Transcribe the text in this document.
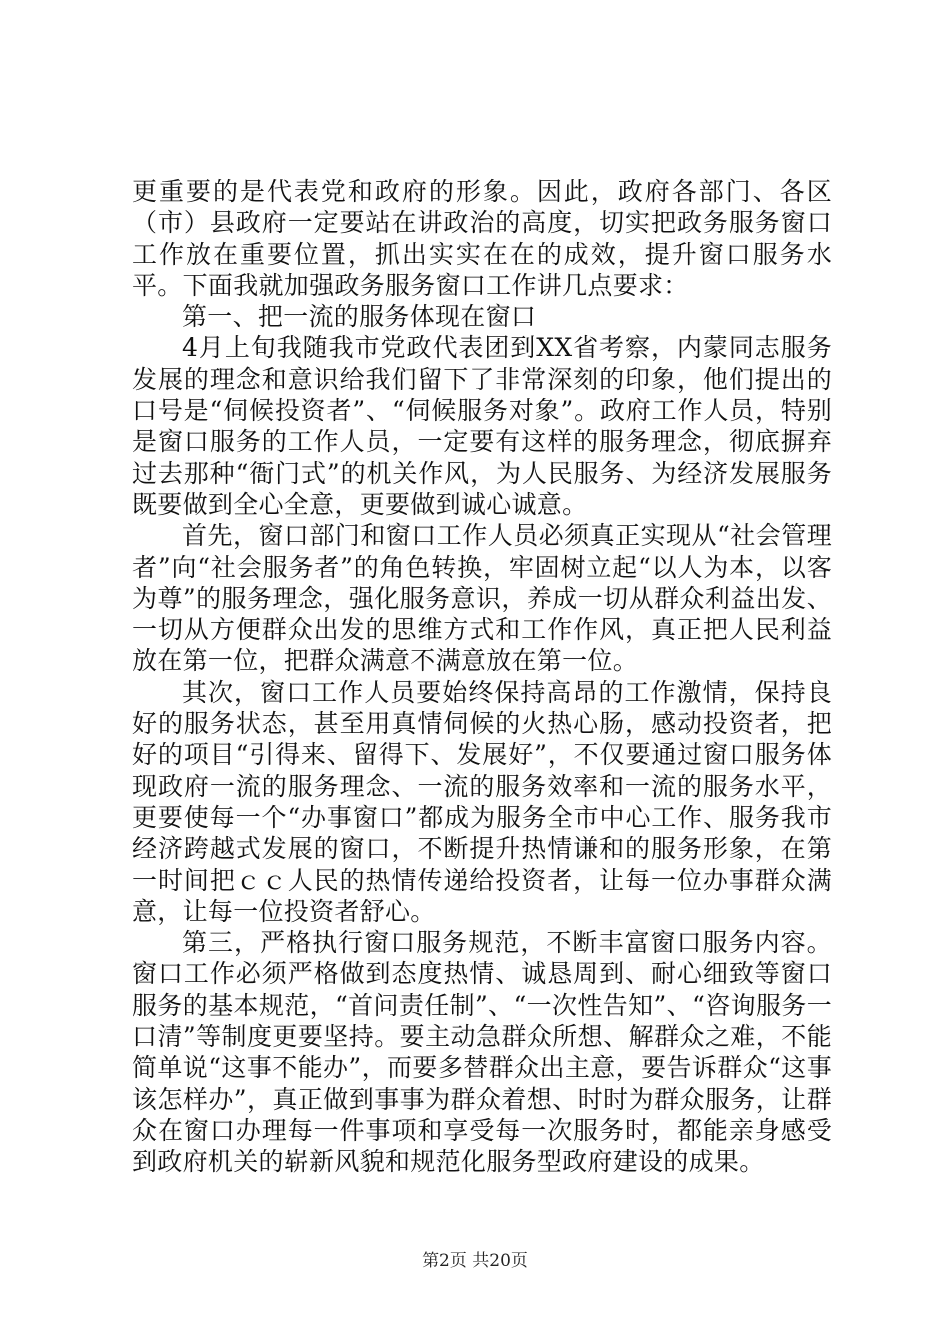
更重要的是代表党和政府的形象。因此，政府各部门、各区（市）县政府一定要站在讲政治的高度，切实把政务服务窗口工作放在重要位置，抓出实实在在的成效，提升窗口服务水平。下面我就加强政务服务窗口工作讲几点要求：

第一、把一流的服务体现在窗口

4月上旬我随我市党政代表团到XX省考察，内蒙同志服务发展的理念和意识给我们留下了非常深刻的印象，他们提出的口号是“伺候投资者”、“伺候服务对象”。政府工作人员，特别是窗口服务的工作人员，一定要有这样的服务理念，彻底摒弃过去那种“衙门式”的机关作风，为人民服务、为经济发展服务既要做到全心全意，更要做到诚心诚意。

首先，窗口部门和窗口工作人员必须真正实现从“社会管理者”向“社会服务者”的角色转换，牢固树立起“以人为本，以客为尊”的服务理念，强化服务意识，养成一切从群众利益出发、一切从方便群众出发的思维方式和工作作风，真正把人民利益放在第一位，把群众满意不满意放在第一位。

其次，窗口工作人员要始终保持高昂的工作激情，保持良好的服务状态，甚至用真情伺候的火热心肠，感动投资者，把好的项目“引得来、留得下、发展好”，不仅要通过窗口服务体现政府一流的服务理念、一流的服务效率和一流的服务水平，更要使每一个“办事窗口”都成为服务全市中心工作、服务我市经济跨越式发展的窗口，不断提升热情谦和的服务形象，在第一时间把ｃｃ人民的热情传递给投资者，让每一位办事群众满意，让每一位投资者舒心。

第三，严格执行窗口服务规范，不断丰富窗口服务内容。窗口工作必须严格做到态度热情、诚恳周到、耐心细致等窗口服务的基本规范，“首问责任制”、“一次性告知”、“咨询服务一口清”等制度更要坚持。要主动急群众所想、解群众之难，不能简单说“这事不能办”，而要多替群众出主意，要告诉群众“这事该怎样办”，真正做到事事为群众着想、时时为群众服务，让群众在窗口办理每一件事项和享受每一次服务时，都能亲身感受到政府机关的崭新风貌和规范化服务型政府建设的成果。

第2页 共20页
